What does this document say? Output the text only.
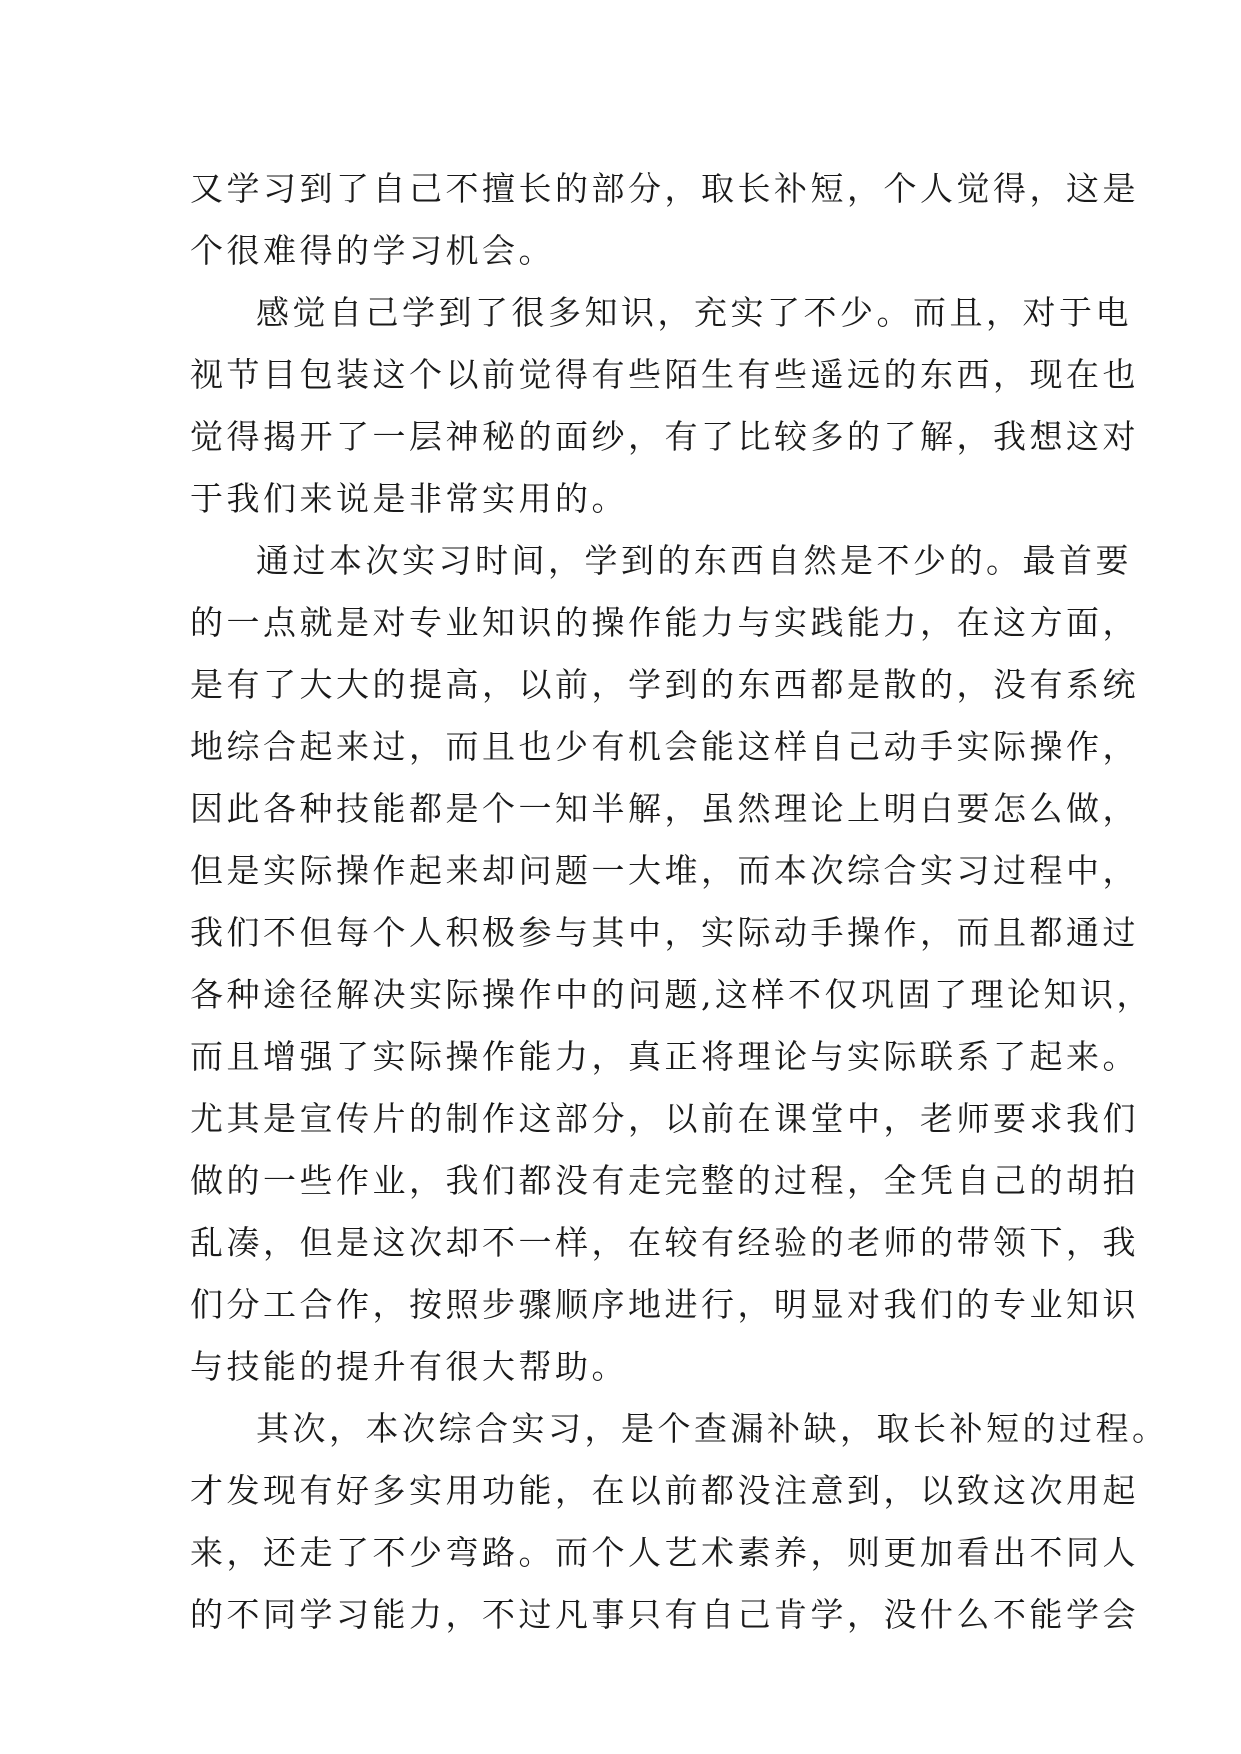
又学习到了自己不擅长的部分，取长补短，个人觉得，这是
个很难得的学习机会。
感觉自己学到了很多知识，充实了不少。而且，对于电
视节目包装这个以前觉得有些陌生有些遥远的东西，现在也
觉得揭开了一层神秘的面纱，有了比较多的了解，我想这对
于我们来说是非常实用的。
通过本次实习时间，学到的东西自然是不少的。最首要
的一点就是对专业知识的操作能力与实践能力，在这方面，
是有了大大的提高，以前，学到的东西都是散的，没有系统
地综合起来过，而且也少有机会能这样自己动手实际操作，
因此各种技能都是个一知半解，虽然理论上明白要怎么做，
但是实际操作起来却问题一大堆，而本次综合实习过程中，
我们不但每个人积极参与其中，实际动手操作，而且都通过
各种途径解决实际操作中的问题,这样不仅巩固了理论知识，
而且增强了实际操作能力，真正将理论与实际联系了起来。
尤其是宣传片的制作这部分，以前在课堂中，老师要求我们
做的一些作业，我们都没有走完整的过程，全凭自己的胡拍
乱凑，但是这次却不一样，在较有经验的老师的带领下，我
们分工合作，按照步骤顺序地进行，明显对我们的专业知识
与技能的提升有很大帮助。
其次，本次综合实习，是个查漏补缺，取长补短的过程。
才发现有好多实用功能，在以前都没注意到，以致这次用起
来，还走了不少弯路。而个人艺术素养，则更加看出不同人
的不同学习能力，不过凡事只有自己肯学，没什么不能学会
